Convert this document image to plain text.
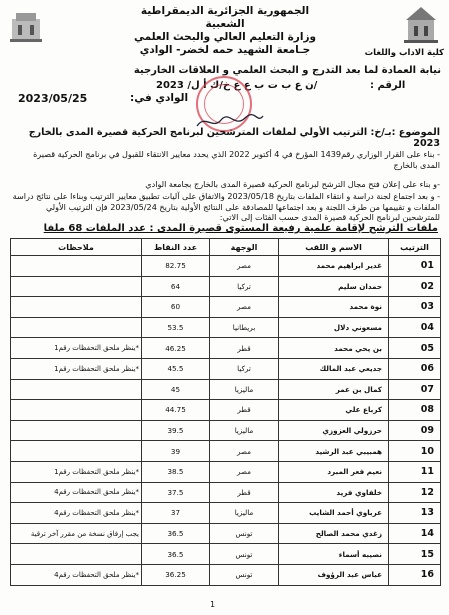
الجمهورية الجزائرية الديمقراطية الشعبية
وزارة التعليم العالي والبحث العلمي
جـامعة الشهيد حمه لخضر- الوادي	كلية الاداب واللغات
نيابة العمادة لما بعد التدرج و البحث العلمي و العلاقات الخارجية
الرقم :
/ن ع ب ت ب ع ع خ/ك أ ل/ 2023
الوادي في:
2023/05/25
الموضوع :بـ/خ: الترتيب الأولي لملفات المترشحين لبرنامج الحركية قصيرة المدى بالخارج 2023
- بناء على القرار الوزاري رقم1439 المؤرخ في 4 أكتوبر 2022 الذي يحدد معايير الانتقاء للقبول في برنامج الحركية قصيرة المدى بالخارج
-و بناء على إعلان فتح مجال الترشح لبرنامج الحركية قصيرة المدى بالخارج بجامعة الوادي
- و بعد اجتماع لجنة دراسة و انتقاء الملفات بتاريخ 2023/05/18 والاتفاق على آليات تطبيق معايير الترتيب وبناءا على نتائج دراسة الملفات و تقييمها من طرف اللجنة و بعد اجتماعها للمصادقة على النتائج الأولية بتاريخ 2023/05/24 فإن الترتيب الأولي للمترشحين لبرنامج الحركية قصيرة المدى حسب الفئات إلى الاتي:
ملفات الترشح لإقامة علمية رفيعة المستوى قصيرة المدى : عدد الملفات 68 ملفا
الترتيب	الاسم و اللقب	الوجهة	عدد النقاط	ملاحظات
01	غدير ابراهيم محمد	مصر	82.75	
02	حمدان سليم	تركيا	64	
03	نوة محمد	مصر	60	
04	مسعوني دلال	بريطانيا	53.5	
05	بن يحي محمد	قطر	46.25	*ينظر ملحق التحفظات رقم1
06	جديعي عبد المالك	تركيا	45.5	*ينظر ملحق التحفظات رقم1
07	كمال بن عمر	ماليزيا	45	
08	كرباع علي	قطر	44.75	
09	حرزولي العزوزي	ماليزيا	39.5	
10	همبيبي عبد الرشيد	مصر	39	
11	نعيم فعر المبرد	مصر	38.5	*ينظر ملحق التحفظات رقم1
12	خلفاوي فريد	قطر	37.5	*ينظر ملحق التحفظات رقم4
13	عرباوي أحمد الشايب	ماليزيا	37	*ينظر ملحق التحفظات رقم4
14	زغدي محمد الصالح	تونس	36.5	يجب إرفاق نسخة من مقرر آخر ترقية
15	نصيبه أسماء	تونس	36.5	
16	عباس عبد الرؤوف	تونس	36.25	*ينظر ملحق التحفظات رقم4
1
